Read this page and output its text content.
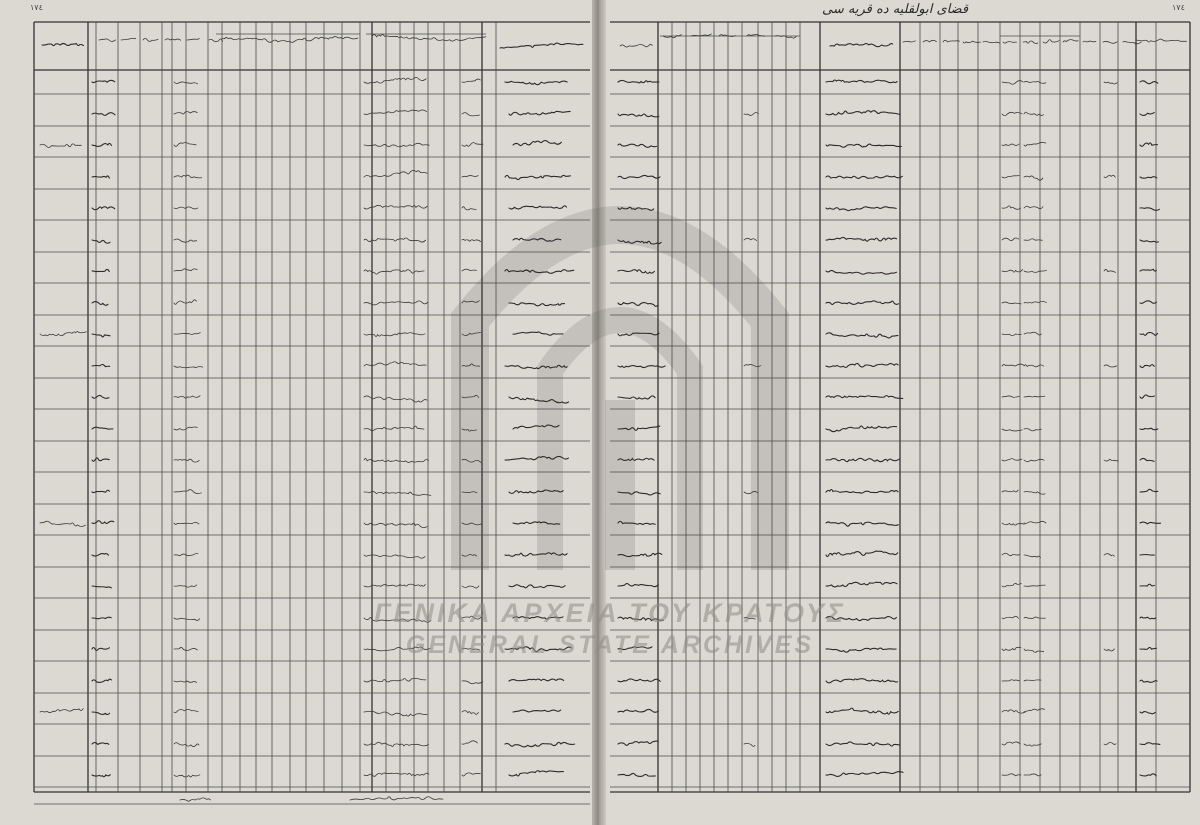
١٧٤	١٧٤
قضای ابولقلیه ده قریه سی
ΓΕΝΙΚΑ ΑΡΧΕΙΑ ΤΟΥ ΚΡΑΤΟΥΣ
GENERAL STATE ARCHIVES
